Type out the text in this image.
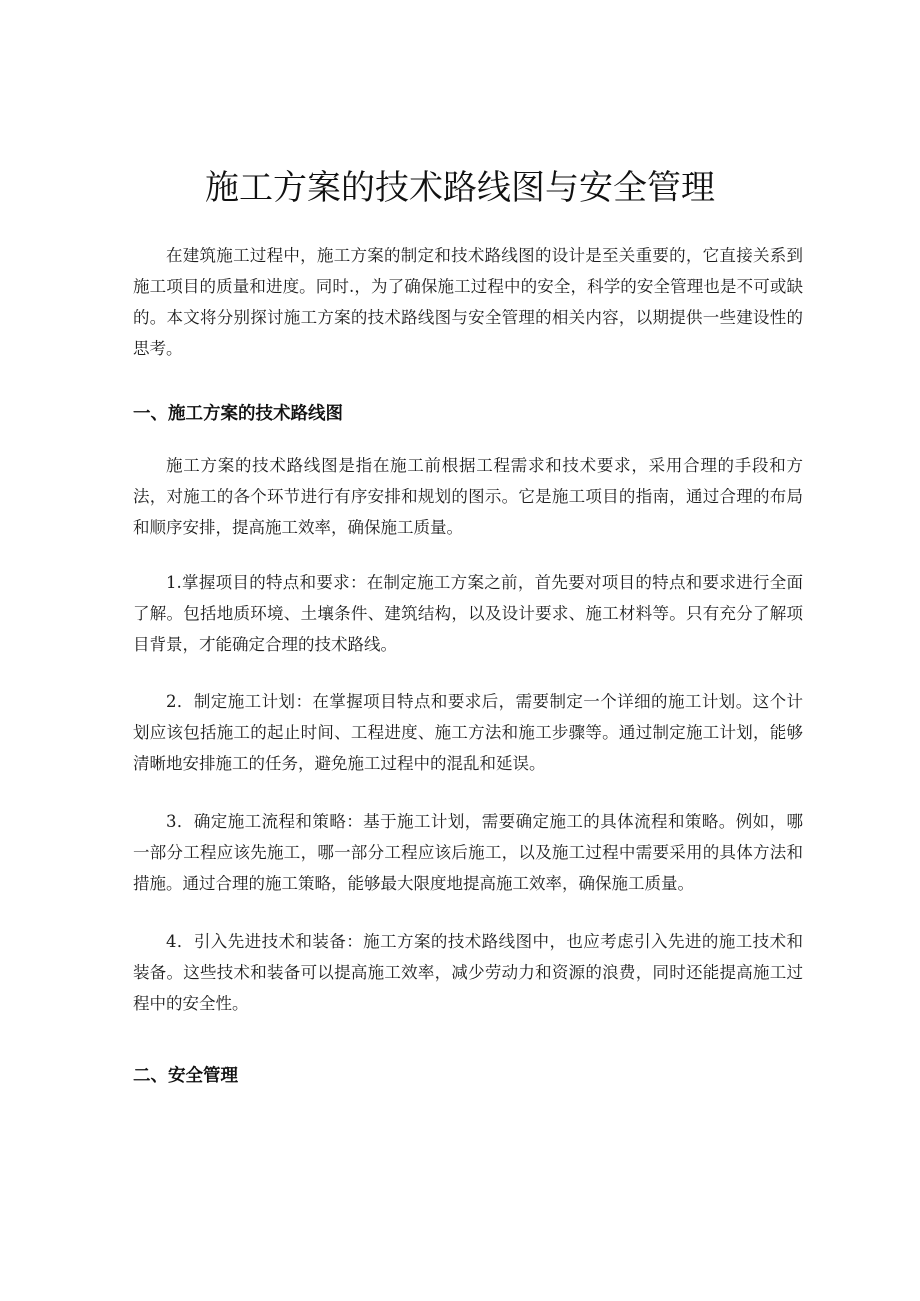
施工方案的技术路线图与安全管理

在建筑施工过程中，施工方案的制定和技术路线图的设计是至关重要的，它直接关系到施工项目的质量和进度。同时.，为了确保施工过程中的安全，科学的安全管理也是不可或缺的。本文将分别探讨施工方案的技术路线图与安全管理的相关内容，以期提供一些建设性的思考。

一、施工方案的技术路线图

施工方案的技术路线图是指在施工前根据工程需求和技术要求，采用合理的手段和方法，对施工的各个环节进行有序安排和规划的图示。它是施工项目的指南，通过合理的布局和顺序安排，提高施工效率，确保施工质量。

1.掌握项目的特点和要求：在制定施工方案之前，首先要对项目的特点和要求进行全面了解。包括地质环境、土壤条件、建筑结构，以及设计要求、施工材料等。只有充分了解项目背景，才能确定合理的技术路线。

2．制定施工计划：在掌握项目特点和要求后，需要制定一个详细的施工计划。这个计划应该包括施工的起止时间、工程进度、施工方法和施工步骤等。通过制定施工计划，能够清晰地安排施工的任务，避免施工过程中的混乱和延误。

3．确定施工流程和策略：基于施工计划，需要确定施工的具体流程和策略。例如，哪一部分工程应该先施工，哪一部分工程应该后施工，以及施工过程中需要采用的具体方法和措施。通过合理的施工策略，能够最大限度地提高施工效率，确保施工质量。

4．引入先进技术和装备：施工方案的技术路线图中，也应考虑引入先进的施工技术和装备。这些技术和装备可以提高施工效率，减少劳动力和资源的浪费，同时还能提高施工过程中的安全性。

二、安全管理
